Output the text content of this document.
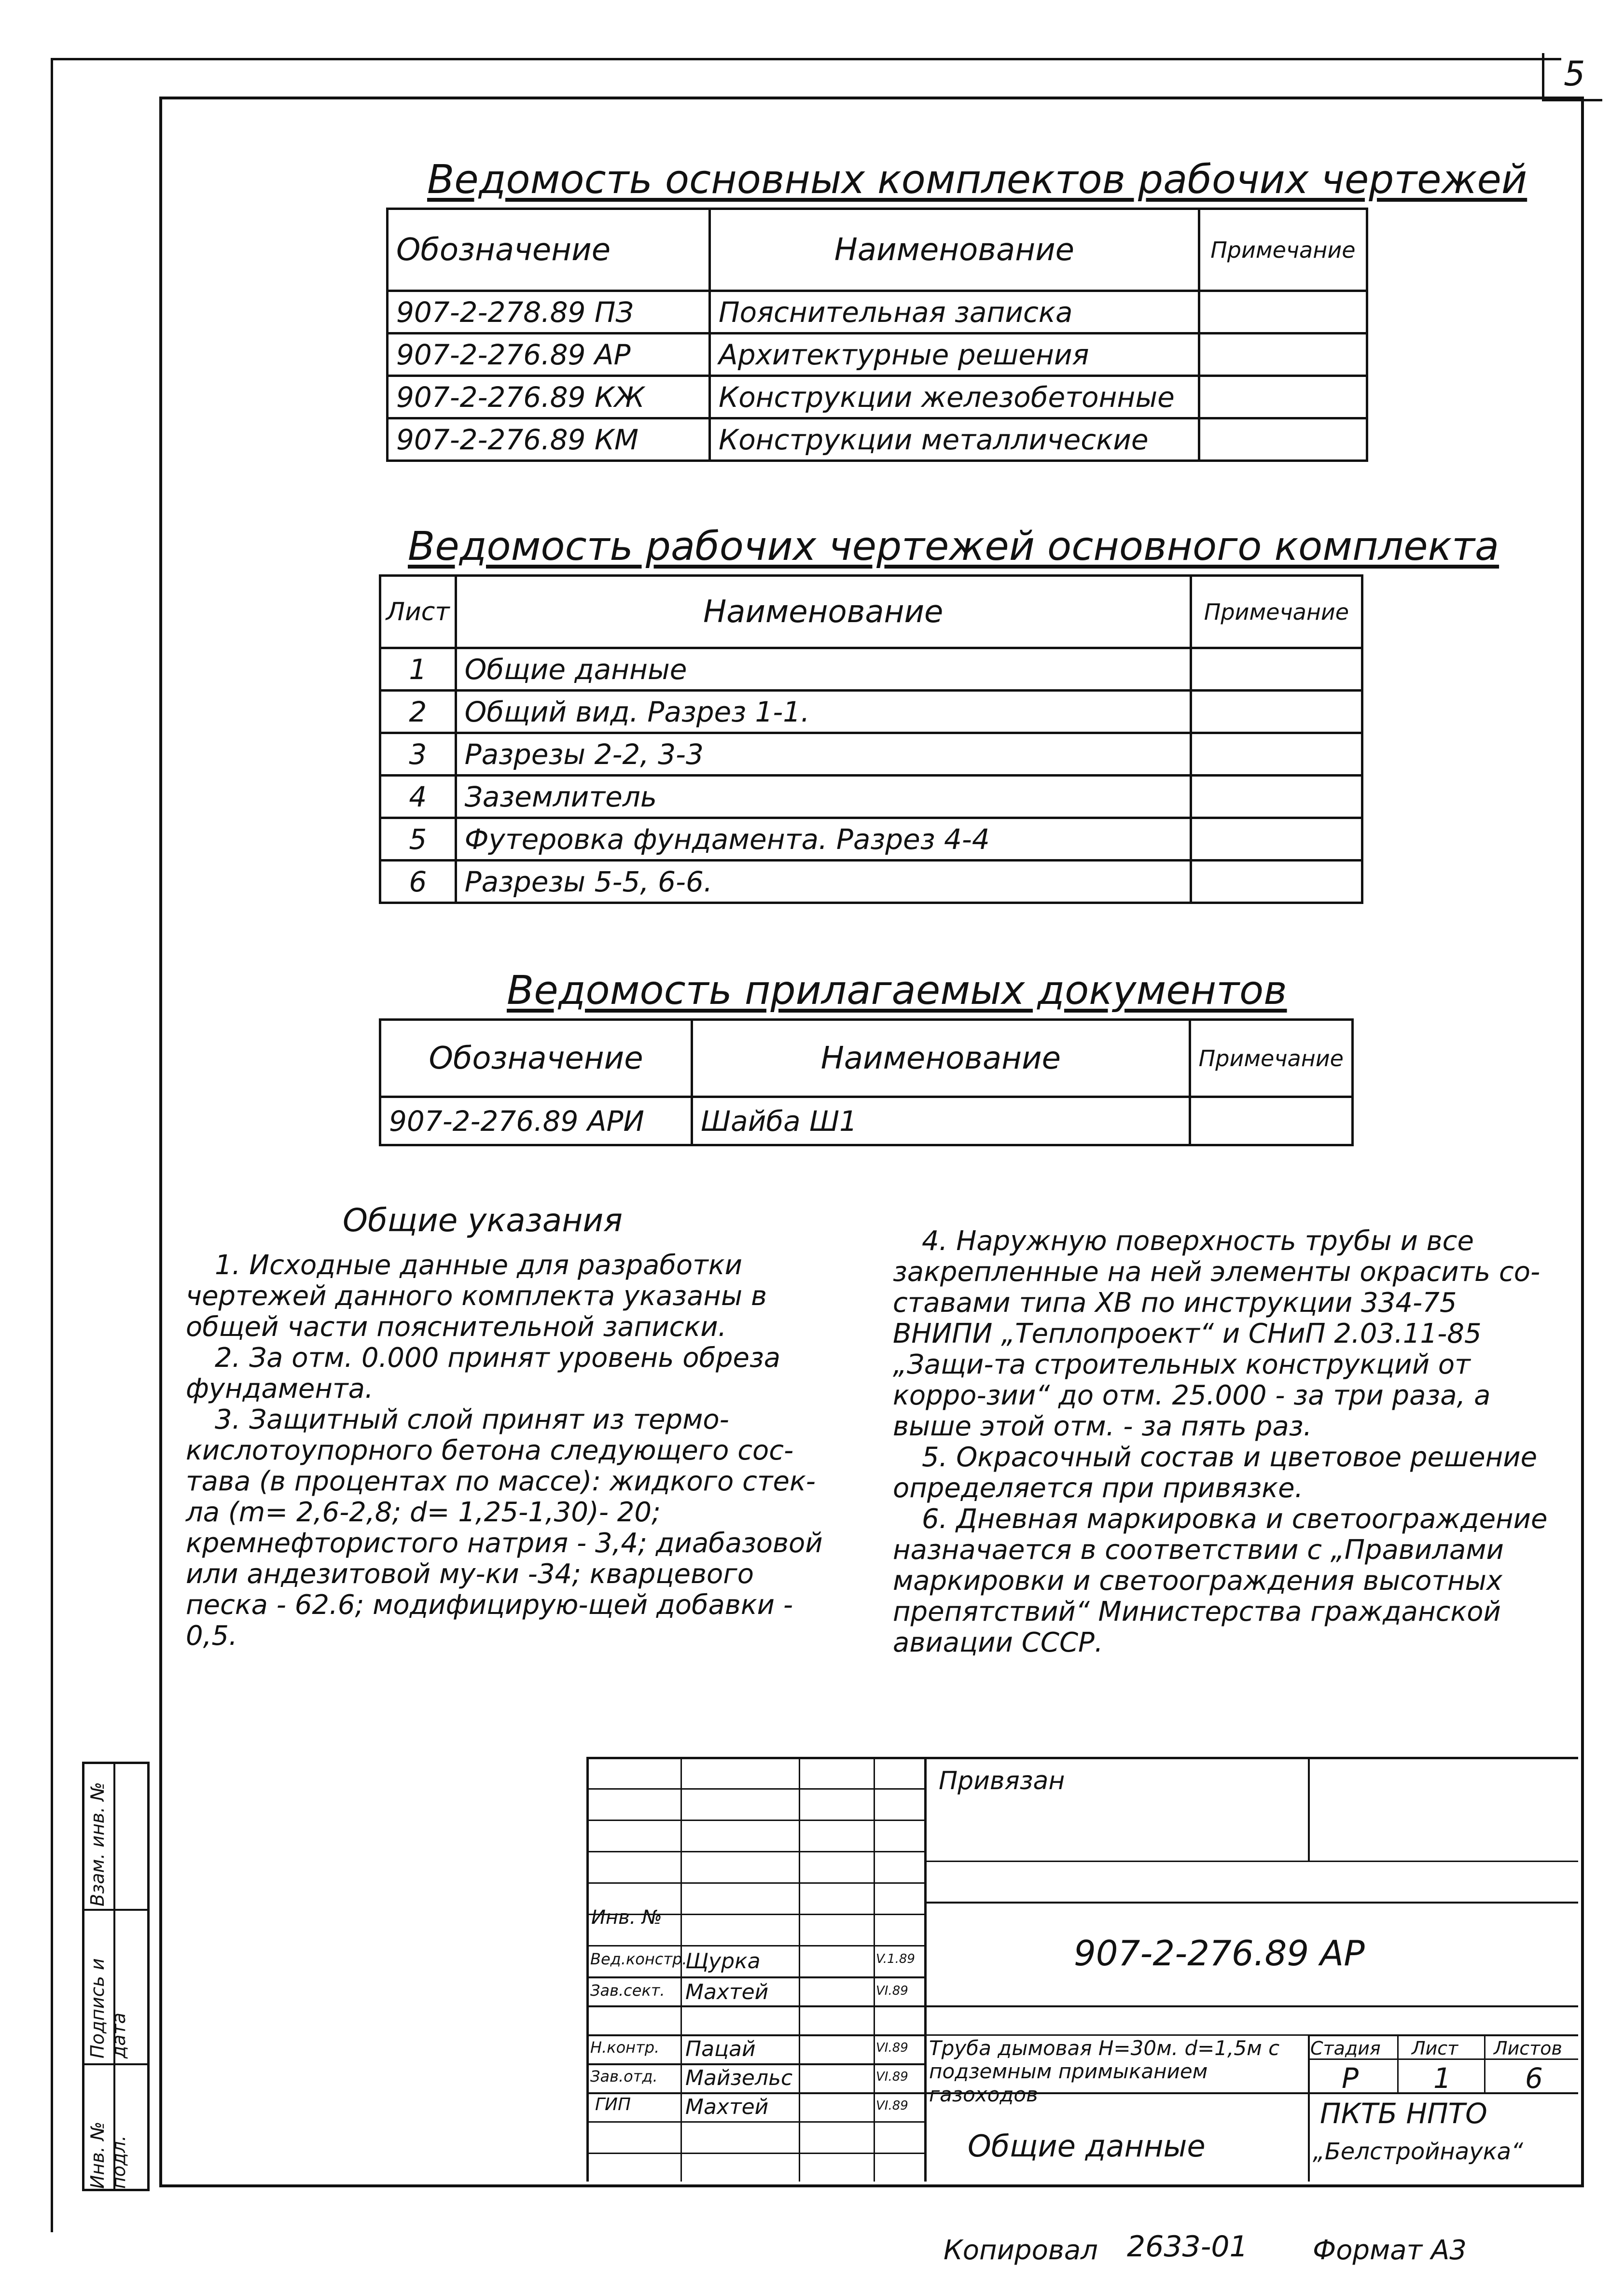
5
Ведомость основных комплектов рабочих чертежей
Обозначение	Наименование	Примечание
907-2-278.89 ПЗ	Пояснительная записка	
907-2-276.89 АР	Архитектурные решения	
907-2-276.89 КЖ	Конструкции железобетонные	
907-2-276.89 КМ	Конструкции металлические	
Ведомость рабочих чертежей основного комплекта
Лист	Наименование	Примечание
1	Общие данные	
2	Общий вид. Разрез 1-1.	
3	Разрезы 2-2, 3-3	
4	Заземлитель	
5	Футеровка фундамента. Разрез 4-4	
6	Разрезы 5-5, 6-6.	
Ведомость прилагаемых документов
Обозначение	Наименование	Примечание
907-2-276.89 АРИ	Шайба Ш1	
Общие указания

1. Исходные данные для разработки чертежей данного комплекта указаны в общей части пояснительной записки.

2. За отм. 0.000 принят уровень обреза фундамента.

3. Защитный слой принят из термо-кислотоупорного бетона следующего сос-тава (в процентах по массе): жидкого стек-ла (m= 2,6-2,8; d= 1,25-1,30)- 20; кремнефтористого натрия - 3,4; диабазовой или андезитовой му-ки -34; кварцевого песка - 62.6; модифицирую-щей добавки - 0,5.

4. Наружную поверхность трубы и все закрепленные на ней элементы окрасить со-ставами типа ХВ по инструкции 334-75 ВНИПИ „Теплопроект“ и СНиП 2.03.11-85 „Защи-та строительных конструкций от корро-зии“ до отм. 25.000 - за три раза, а выше этой отм. - за пять раз.

5. Окрасочный состав и цветовое решение определяется при привязке.

6. Дневная маркировка и светоограждение назначается в соответствии с „Правилами маркировки и светоограждения высотных препятствий“ Министерства гражданской авиации СССР.

Инв. № подл.
Подпись и дата
Взам. инв. №
Инв. №
Вед.констр.
Щурка	V.1.89
Зав.сект. Махтей	VI.89
Н.контр. Пацай	VI.89
Зав.отд. Майзельс	VI.89
ГИП	Махтей	VI.89
Привязан
907-2-276.89 АР
Труба дымовая H=30м. d=1,5м с подземным примыканием газоходов
Общие данные
Стадия Лист Листов
Р	1	6
ПКТБ НПТО
„Белстройнаука“
Копировал 2633-01 Формат А3
